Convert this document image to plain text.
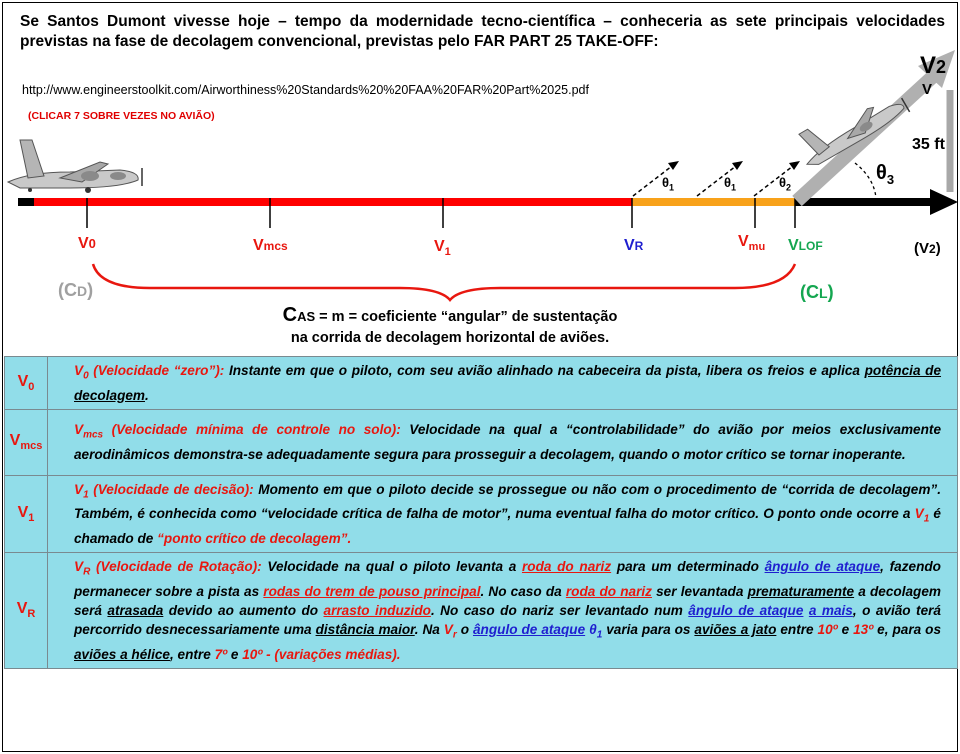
Se Santos Dumont vivesse hoje – tempo da modernidade tecno-científica – conheceria as sete principais velocidades previstas na fase de decolagem convencional, previstas pelo FAR PART 25 TAKE-OFF:
http://www.engineerstoolkit.com/Airworthiness%20Standards%20%20FAA%20FAR%20Part%2025.pdf
(CLICAR 7 SOBRE VEZES NO AVIÃO)
V0	Vmcs	$V_1$	VR	$V_{mu}$ VLOF	(V2)
V2
V
35 ft
$\theta_1$	$\theta_1$	$\theta_2$
$\theta_3$
(CD)	(CL)
CAS = m = coeficiente “angular” de sustentação
na corrida de decolagem horizontal de aviões.
$V_0$	$V_0$ (Velocidade “zero”): Instante em que o piloto, com seu avião alinhado na cabeceira da pista, libera os freios e aplica potência de decolagem.
$V_{mcs}$	$V_{mcs}$ (Velocidade mínima de controle no solo): Velocidade na qual a “controlabilidade” do avião por meios exclusivamente aerodinâmicos demonstra-se adequadamente segura para prosseguir a decolagem, quando o motor crítico se tornar inoperante.
$V_1$	$V_1$ (Velocidade de decisão): Momento em que o piloto decide se prossegue ou não com o procedimento de “corrida de decolagem”. Também, é conhecida como “velocidade crítica de falha de motor”, numa eventual falha do motor crítico. O ponto onde ocorre a $V_1$ é chamado de “ponto crítico de decolagem”.
$V_R$	$V_R$ (Velocidade de Rotação): Velocidade na qual o piloto levanta a roda do nariz para um determinado ângulo de ataque, fazendo permanecer sobre a pista as rodas do trem de pouso principal. No caso da roda do nariz ser levantada prematuramente a decolagem será atrasada devido ao aumento do arrasto induzido. No caso do nariz ser levantado num ângulo de ataque a mais, o avião terá percorrido desnecessariamente uma distância maior. Na $V_r$ o ângulo de ataque $\theta_1$ varia para os aviões a jato entre 10º e 13º e, para os aviões a hélice, entre 7º e 10º - (variações médias).
